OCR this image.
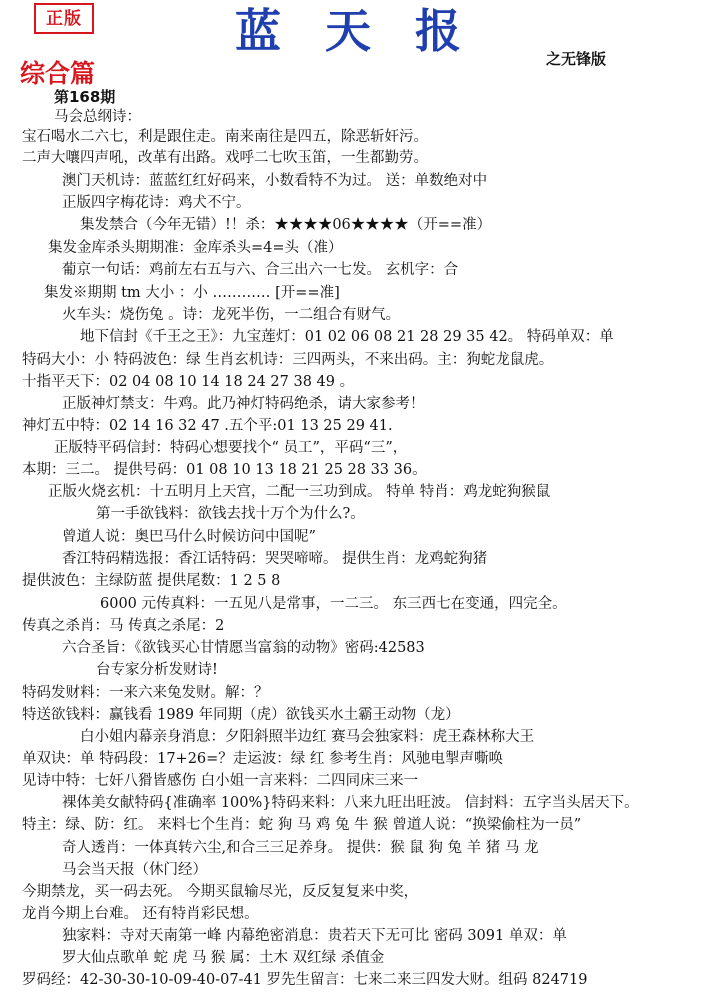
正版	蓝 天 报
之无锋版
综合篇
第168期
马会总纲诗：
宝石喝水二六七，利是跟住走。南来南往是四五，除恶斩奸污。
二声大嚷四声吼，改革有出路。戏呼二七吹玉笛，一生都勤劳。
澳门天机诗：蓝蓝红红好码来，小数看特不为过。 送：单数绝对中
正版四字梅花诗：鸡犬不宁。
集发禁合（今年无错）!！杀：★★★★06★★★★（开==准）
集发金库杀头期期准：金库杀头=4=头（准）
葡京一句话：鸡前左右五与六、合三出六一七发。 玄机字：合
集发※期期 tm 大小 ：小 ………… [开==准]
火车头：烧伤兔 。诗：龙死半伤，一二组合有财气。
地下信封《千王之王》：九宝莲灯：01 02 06 08 21 28 29 35 42。 特码单双：单
特码大小：小 特码波色：绿 生肖玄机诗：三四两头，不来出码。主：狗蛇龙鼠虎。
十指平天下：02 04 08 10 14 18 24 27 38 49 。
正版神灯禁支：牛鸡。此乃神灯特码绝杀，请大家参考！
神灯五中特：02 14 16 32 47 .五个平:01 13 25 29 41.
正版特平码信封：特码心想要找个“ 员工”，平码“三”，
本期：三二。 提供号码：01 08 10 13 18 21 25 28 33 36。
正版火烧玄机：十五明月上天宫，二配一三功到成。 特单 特肖：鸡龙蛇狗猴鼠
第一手欲钱料：欲钱去找十万个为什么?。
曾道人说：奥巴马什么时候访问中国呢”
香江特码精选报：香江话特码：哭哭啼啼。 提供生肖：龙鸡蛇狗猪
提供波色：主绿防蓝 提供尾数：1 2 5 8
6000 元传真料：一五见八是常事，一二三。 东三西七在变通，四完全。
传真之杀肖：马 传真之杀尾：2
六合圣旨：《欲钱买心甘情愿当富翁的动物》密码:42583
台专家分析发财诗!
特码发财料：一来六来兔发财。解：？
特送欲钱料：赢钱看 1989 年同期（虎）欲钱买水土霸王动物（龙）
白小姐内幕亲身消息：夕阳斜照半边红 赛马会独家料：虎王森林称大王
单双诀：单 特码段：17+26=？走运波：绿 红 参考生肖：风驰电掣声嘶唤
见诗中特：七奸八猾皆感伤 白小姐一言来料：二四同床三来一
裸体美女献特码{准确率 100%}特码来料：八来九旺出旺波。 信封料：五字当头居天下。
特主：绿、防：红。 来料七个生肖：蛇 狗 马 鸡 兔 牛 猴 曾道人说：“换梁偷柱为一员”
奇人透肖：一体真转六尘,和合三三足养身。 提供：猴 鼠 狗 兔 羊 猪 马 龙
马会当天报（休门经）
今期禁龙，买一码去死。 今期买鼠输尽光，反反复复来中奖，
龙肖今期上台难。 还有特肖彩民想。
独家料：寺对天南第一峰 内幕绝密消息：贵若天下无可比 密码 3091 单双：单
罗大仙点歌单 蛇 虎 马 猴 属：土木 双红绿 杀值金
罗码经：42-30-30-10-09-40-07-41 罗先生留言：七来二来三四发大财。组码 824719
